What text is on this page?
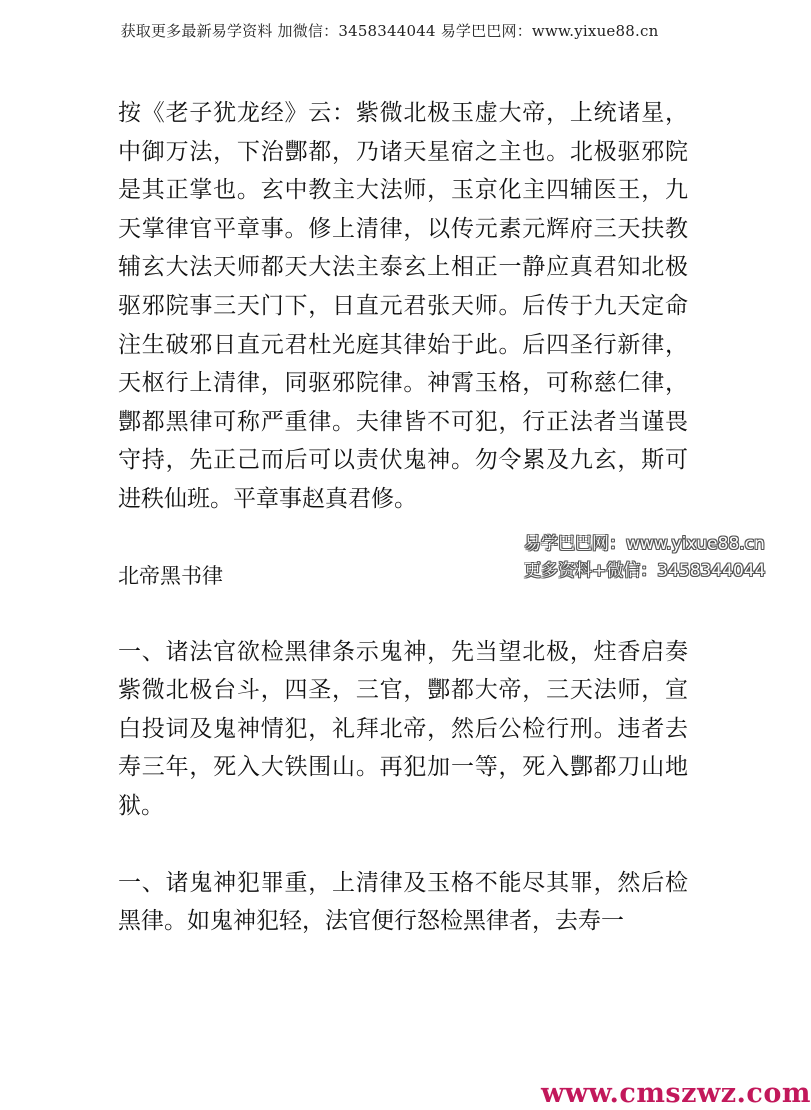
获取更多最新易学资料 加微信：3458344044 易学巴巴网：www.yixue88.cn

按《老子犹龙经》云：紫微北极玉虚大帝，上统诸星，中御万法，下治酆都，乃诸天星宿之主也。北极驱邪院是其正掌也。玄中教主大法师，玉京化主四辅医王，九天掌律官平章事。修上清律，以传元素元辉府三天扶教辅玄大法天师都天大法主泰玄上相正一静应真君知北极驱邪院事三天门下，日直元君张天师。后传于九天定命注生破邪日直元君杜光庭其律始于此。后四圣行新律，天枢行上清律，同驱邪院律。神霄玉格，可称慈仁律，酆都黑律可称严重律。夫律皆不可犯，行正法者当谨畏守持，先正己而后可以责伏鬼神。勿令累及九玄，斯可进秩仙班。平章事赵真君修。

北帝黑书律

一、诸法官欲检黑律条示鬼神，先当望北极，炷香启奏紫微北极台斗，四圣，三官，酆都大帝，三天法师，宣白投词及鬼神情犯，礼拜北帝，然后公检行刑。违者去寿三年，死入大铁围山。再犯加一等，死入酆都刀山地狱。

一、诸鬼神犯罪重，上清律及玉格不能尽其罪，然后检黑律。如鬼神犯轻，法官便行怒检黑律者，去寿一

易学巴巴网：www.yixue88.cn
更多资料+微信：3458344044
www.cmszwz.com
